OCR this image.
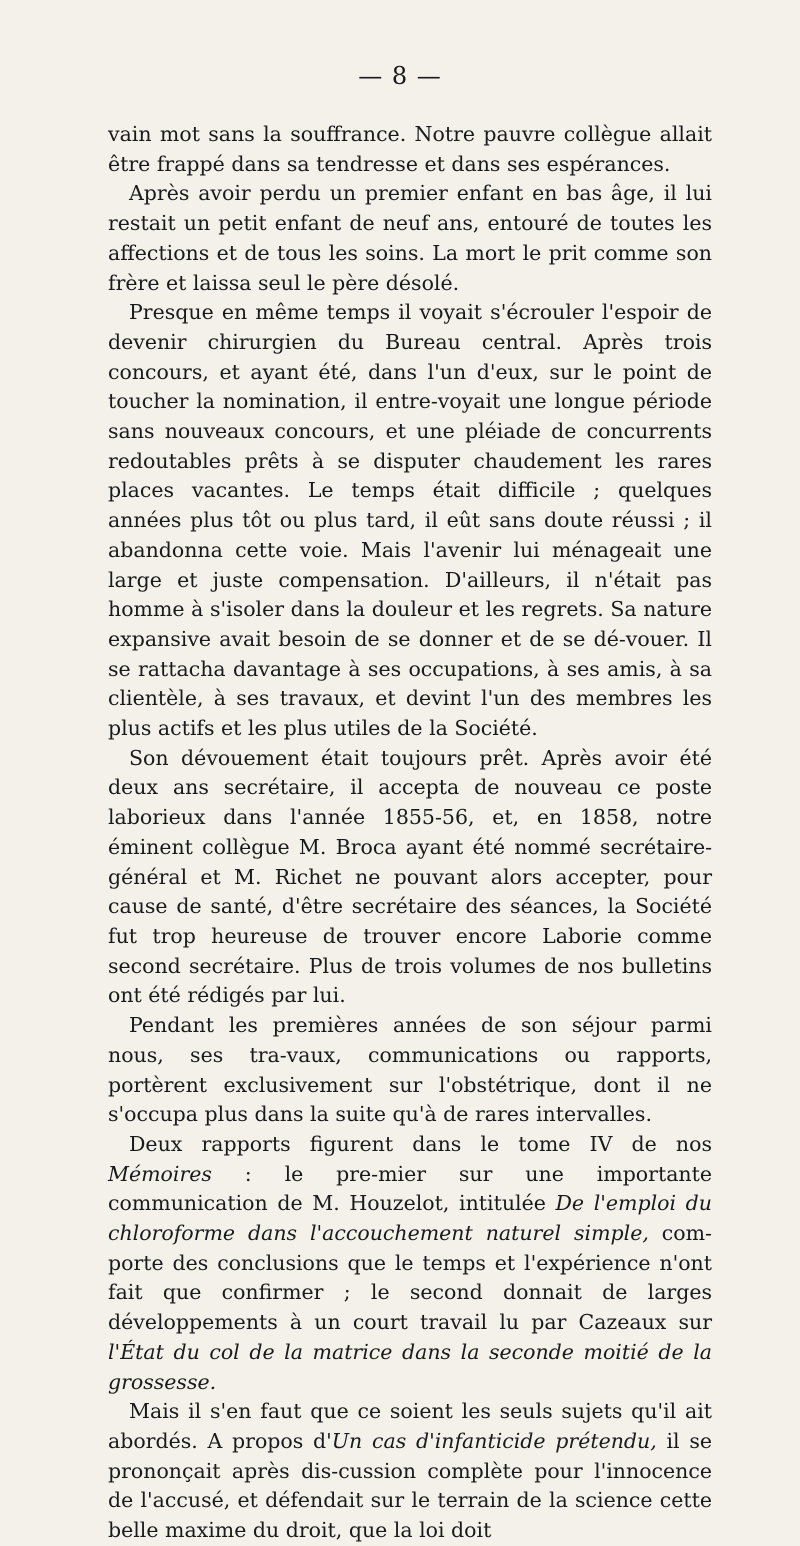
— 8 —

vain mot sans la souffrance. Notre pauvre collègue allait être frappé dans sa tendresse et dans ses espérances.

Après avoir perdu un premier enfant en bas âge, il lui restait un petit enfant de neuf ans, entouré de toutes les affections et de tous les soins. La mort le prit comme son frère et laissa seul le père désolé.

Presque en même temps il voyait s'écrouler l'espoir de devenir chirurgien du Bureau central. Après trois concours, et ayant été, dans l'un d'eux, sur le point de toucher la nomination, il entre-voyait une longue période sans nouveaux concours, et une pléiade de concurrents redoutables prêts à se disputer chaudement les rares places vacantes. Le temps était difficile ; quelques années plus tôt ou plus tard, il eût sans doute réussi ; il abandonna cette voie. Mais l'avenir lui ménageait une large et juste compensation. D'ailleurs, il n'était pas homme à s'isoler dans la douleur et les regrets. Sa nature expansive avait besoin de se donner et de se dé-vouer. Il se rattacha davantage à ses occupations, à ses amis, à sa clientèle, à ses travaux, et devint l'un des membres les plus actifs et les plus utiles de la Société.

Son dévouement était toujours prêt. Après avoir été deux ans secrétaire, il accepta de nouveau ce poste laborieux dans l'année 1855-56, et, en 1858, notre éminent collègue M. Broca ayant été nommé secrétaire-général et M. Richet ne pouvant alors accepter, pour cause de santé, d'être secrétaire des séances, la Société fut trop heureuse de trouver encore Laborie comme second secrétaire. Plus de trois volumes de nos bulletins ont été rédigés par lui.

Pendant les premières années de son séjour parmi nous, ses tra-vaux, communications ou rapports, portèrent exclusivement sur l'obstétrique, dont il ne s'occupa plus dans la suite qu'à de rares intervalles.

Deux rapports figurent dans le tome IV de nos Mémoires : le pre-mier sur une importante communication de M. Houzelot, intitulée De l'emploi du chloroforme dans l'accouchement naturel simple, com-porte des conclusions que le temps et l'expérience n'ont fait que confirmer ; le second donnait de larges développements à un court travail lu par Cazeaux sur l'État du col de la matrice dans la seconde moitié de la grossesse.

Mais il s'en faut que ce soient les seuls sujets qu'il ait abordés. A propos d'Un cas d'infanticide prétendu, il se prononçait après dis-cussion complète pour l'innocence de l'accusé, et défendait sur le terrain de la science cette belle maxime du droit, que la loi doit
